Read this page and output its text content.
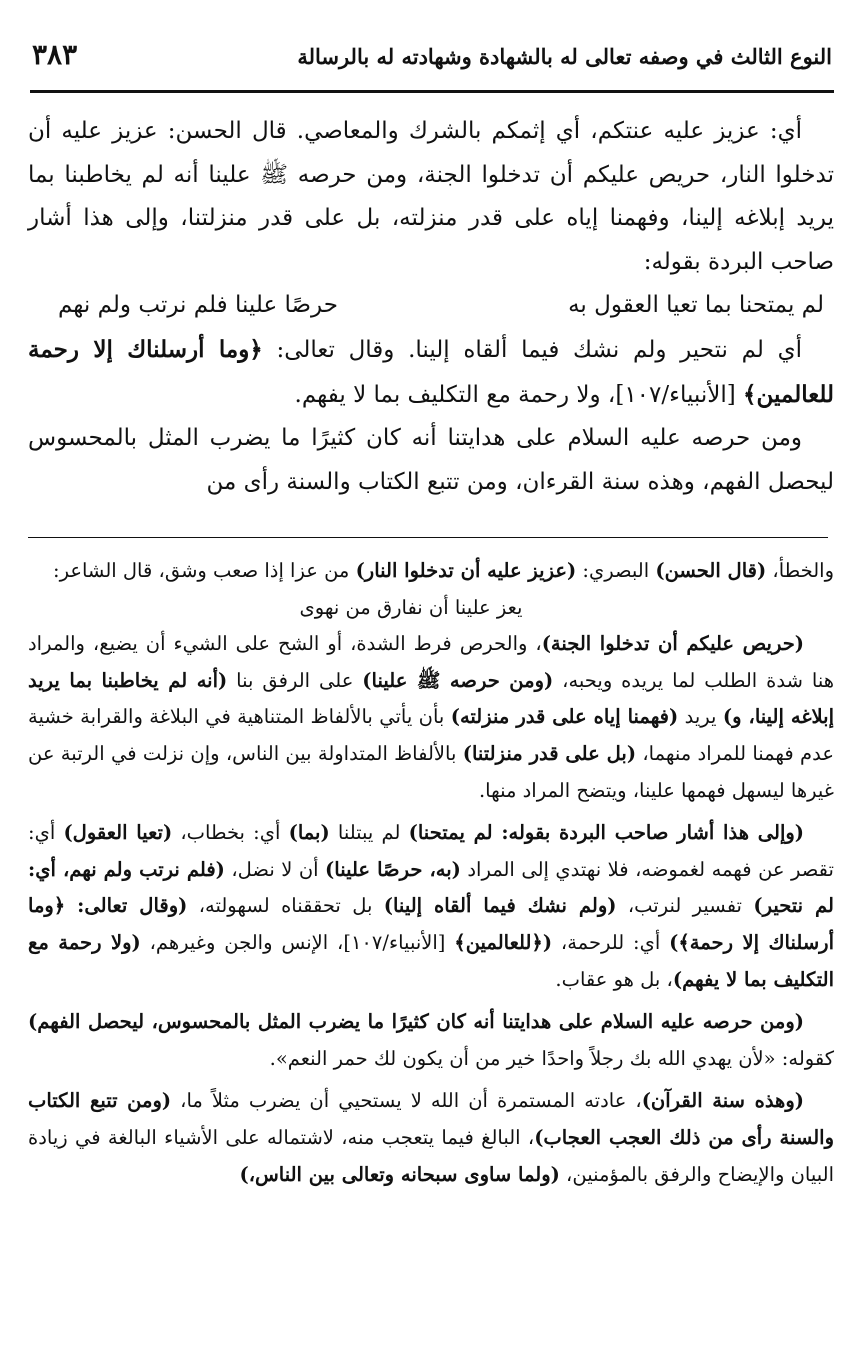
النوع الثالث في وصفه تعالى له بالشهادة وشهادته له بالرسالة
٣٨٣

أي: عزيز عليه عنتكم، أي إثمكم بالشرك والمعاصي. قال الحسن: عزيز عليه أن تدخلوا النار، حريص عليكم أن تدخلوا الجنة، ومن حرصه ﷺ علينا أنه لم يخاطبنا بما يريد إبلاغه إلينا، وفهمنا إياه على قدر منزلته، بل على قدر منزلتنا، وإلى هذا أشار صاحب البردة بقوله:

لم يمتحنا بما تعيا العقول به
حرصًا علينا فلم نرتب ولم نهم

أي لم نتحير ولم نشك فيما ألقاه إلينا. وقال تعالى: ﴿وما أرسلناك إلا رحمة للعالمين﴾ [الأنبياء/١٠٧]، ولا رحمة مع التكليف بما لا يفهم.

ومن حرصه عليه السلام على هدايتنا أنه كان كثيرًا ما يضرب المثل بالمحسوس ليحصل الفهم، وهذه سنة القرءان، ومن تتبع الكتاب والسنة رأى من

والخطأ، (قال الحسن) البصري: (عزيز عليه أن تدخلوا النار) من عزا إذا صعب وشق، قال الشاعر:

يعز علينا أن نفارق من نهوى

(حريص عليكم أن تدخلوا الجنة)، والحرص فرط الشدة، أو الشح على الشيء أن يضيع، والمراد هنا شدة الطلب لما يريده ويحبه، (ومن حرصه ﷺ علينا) على الرفق بنا (أنه لم يخاطبنا بما يريد إبلاغه إلينا، و) يريد (فهمنا إياه على قدر منزلته) بأن يأتي بالألفاظ المتناهية في البلاغة والقرابة خشية عدم فهمنا للمراد منهما، (بل على قدر منزلتنا) بالألفاظ المتداولة بين الناس، وإن نزلت في الرتبة عن غيرها ليسهل فهمها علينا، ويتضح المراد منها.

(وإلى هذا أشار صاحب البردة بقوله: لم يمتحنا) لم يبتلنا (بما) أي: بخطاب، (تعيا العقول) أي: تقصر عن فهمه لغموضه، فلا نهتدي إلى المراد (به، حرصًا علينا) أن لا نضل، (فلم نرتب ولم نهم، أي: لم نتحير) تفسير لنرتب، (ولم نشك فيما ألقاه إلينا) بل تحققناه لسهولته، (وقال تعالى: ﴿وما أرسلناك إلا رحمة﴾) أي: للرحمة، (﴿للعالمين﴾ [الأنبياء/١٠٧]، الإنس والجن وغيرهم، (ولا رحمة مع التكليف بما لا يفهم)، بل هو عقاب.

(ومن حرصه عليه السلام على هدايتنا أنه كان كثيرًا ما يضرب المثل بالمحسوس، ليحصل الفهم) كقوله: «لأن يهدي الله بك رجلاً واحدًا خير من أن يكون لك حمر النعم».

(وهذه سنة القرآن)، عادته المستمرة أن الله لا يستحيي أن يضرب مثلاً ما، (ومن تتبع الكتاب والسنة رأى من ذلك العجب العجاب)، البالغ فيما يتعجب منه، لاشتماله على الأشياء البالغة في زيادة البيان والإيضاح والرفق بالمؤمنين، (ولما ساوى سبحانه وتعالى بين الناس،)
